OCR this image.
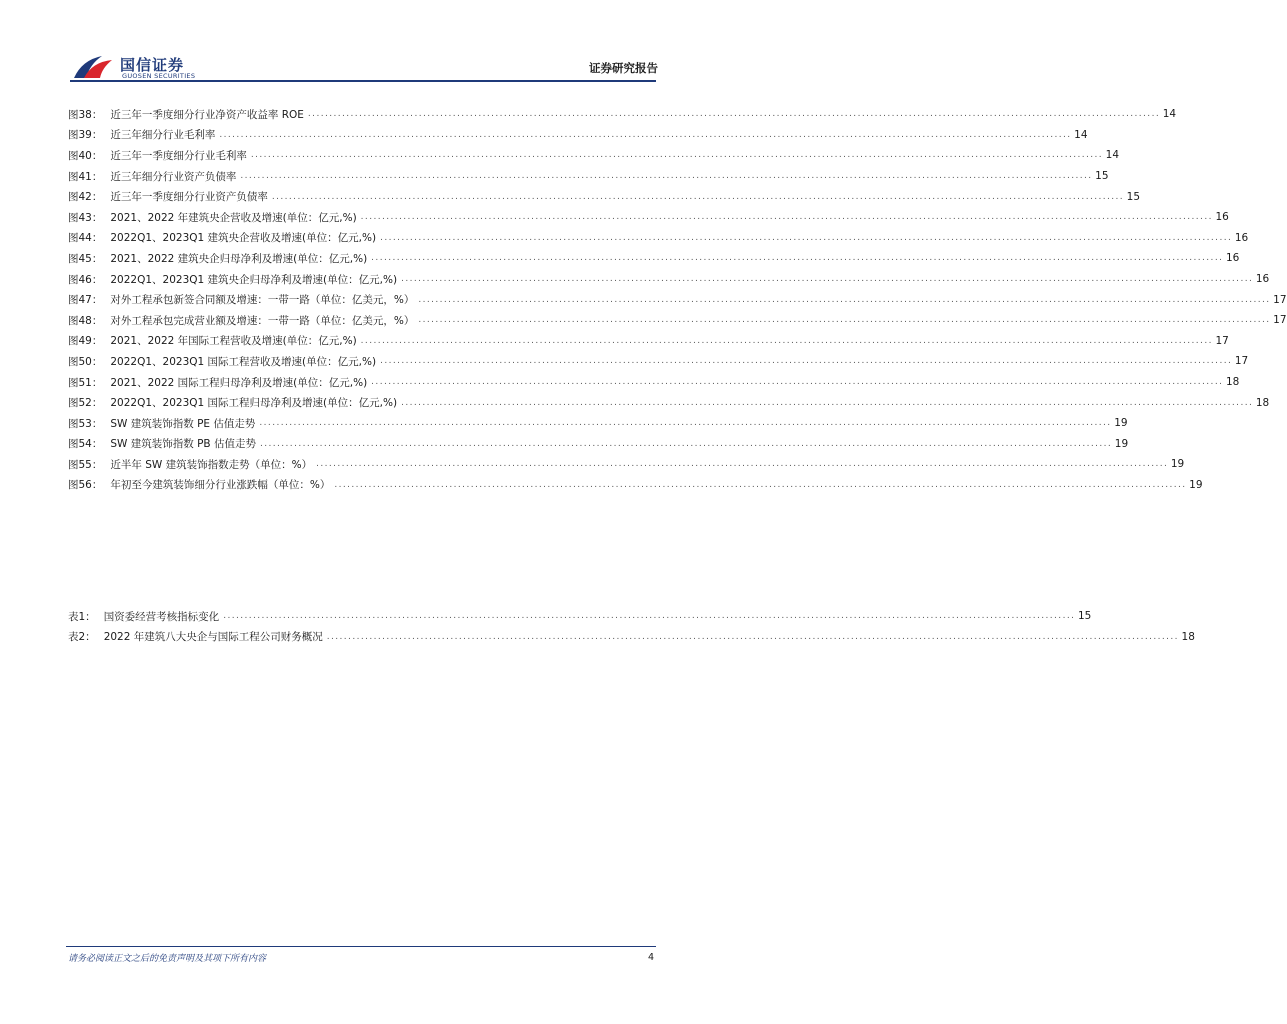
国信证券
GUOSEN SECURITIES
证券研究报告
图38： 近三年一季度细分行业净资产收益率 ROE ........................................................................................................................................................................................................ 14
图39： 近三年细分行业毛利率 ........................................................................................................................................................................................................ 14
图40： 近三年一季度细分行业毛利率 ........................................................................................................................................................................................................ 14
图41： 近三年细分行业资产负债率 ........................................................................................................................................................................................................ 15
图42： 近三年一季度细分行业资产负债率 ........................................................................................................................................................................................................ 15
图43： 2021、2022 年建筑央企营收及增速(单位：亿元,%) ........................................................................................................................................................................................................ 16
图44： 2022Q1、2023Q1 建筑央企营收及增速(单位：亿元,%) ........................................................................................................................................................................................................ 16
图45： 2021、2022 建筑央企归母净利及增速(单位：亿元,%) ........................................................................................................................................................................................................ 16
图46： 2022Q1、2023Q1 建筑央企归母净利及增速(单位：亿元,%) ........................................................................................................................................................................................................ 16
图47： 对外工程承包新签合同额及增速：一带一路（单位：亿美元，%） ........................................................................................................................................................................................................ 17
图48： 对外工程承包完成营业额及增速：一带一路（单位：亿美元，%） ........................................................................................................................................................................................................ 17
图49： 2021、2022 年国际工程营收及增速(单位：亿元,%) ........................................................................................................................................................................................................ 17
图50： 2022Q1、2023Q1 国际工程营收及增速(单位：亿元,%) ........................................................................................................................................................................................................ 17
图51： 2021、2022 国际工程归母净利及增速(单位：亿元,%) ........................................................................................................................................................................................................ 18
图52： 2022Q1、2023Q1 国际工程归母净利及增速(单位：亿元,%) ........................................................................................................................................................................................................ 18
图53： SW 建筑装饰指数 PE 估值走势 ........................................................................................................................................................................................................ 19
图54： SW 建筑装饰指数 PB 估值走势 ........................................................................................................................................................................................................ 19
图55： 近半年 SW 建筑装饰指数走势（单位：%） ........................................................................................................................................................................................................ 19
图56： 年初至今建筑装饰细分行业涨跌幅（单位：%） ........................................................................................................................................................................................................ 19
表1： 国资委经营考核指标变化 ........................................................................................................................................................................................................ 15
表2： 2022 年建筑八大央企与国际工程公司财务概况 ........................................................................................................................................................................................................ 18
请务必阅读正文之后的免责声明及其项下所有内容	4
